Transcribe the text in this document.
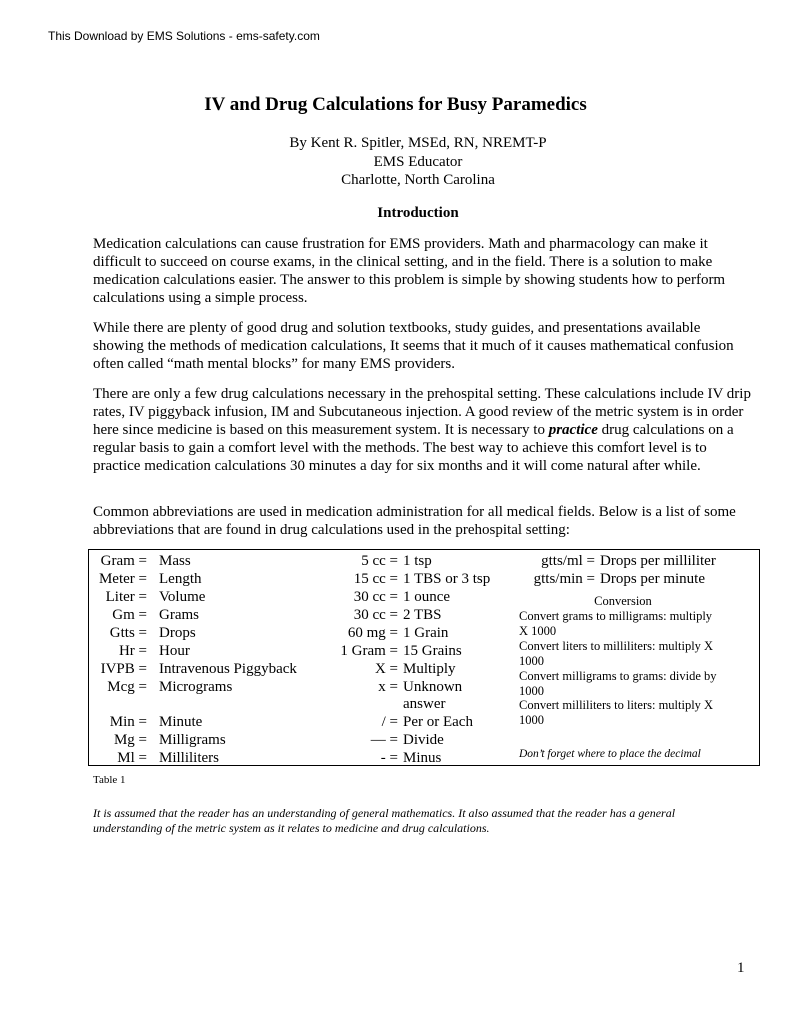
This Download by EMS Solutions - ems-safety.com
IV and Drug Calculations for Busy Paramedics
By Kent R. Spitler, MSEd, RN, NREMT-P
EMS Educator
Charlotte, North Carolina
Introduction

Medication calculations can cause frustration for EMS providers. Math and pharmacology can make it difficult to succeed on course exams, in the clinical setting, and in the field. There is a solution to make medication calculations easier. The answer to this problem is simple by showing students how to perform calculations using a simple process.

While there are plenty of good drug and solution textbooks, study guides, and presentations available showing the methods of medication calculations, It seems that it much of it causes mathematical confusion often called “math mental blocks” for many EMS providers.

There are only a few drug calculations necessary in the prehospital setting. These calculations include IV drip rates, IV piggyback infusion, IM and Subcutaneous injection. A good review of the metric system is in order here since medicine is based on this measurement system. It is necessary to practice drug calculations on a regular basis to gain a comfort level with the methods. The best way to achieve this comfort level is to practice medication calculations 30 minutes a day for six months and it will come natural after while.

Common abbreviations are used in medication administration for all medical fields. Below is a list of some abbreviations that are found in drug calculations used in the prehospital setting:

Gram = Mass
Meter = Length
Liter = Volume
Gm = Grams
Gtts = Drops
Hr = Hour
IVPB = Intravenous Piggyback
Mcg = Micrograms
Min = Minute
Mg = Milligrams
Ml = Milliliters
5 cc = 1 tsp
15 cc = 1 TBS or 3 tsp
30 cc = 1 ounce
30 cc = 2 TBS
60 mg = 1 Grain
1 Gram = 15 Grains
X = Multiply
x = Unknown
answer
/ = Per or Each
— = Divide
- = Minus
gtts/ml = Drops per milliliter
gtts/min = Drops per minute
Conversion
Convert grams to milligrams: multiply
X 1000
Convert liters to milliliters: multiply X
1000
Convert milligrams to grams: divide by
1000
Convert milliliters to liters: multiply X
1000
Don’t forget where to place the decimal
Table 1
It is assumed that the reader has an understanding of general mathematics. It also assumed that the reader has a general understanding of the metric system as it relates to medicine and drug calculations.
1
